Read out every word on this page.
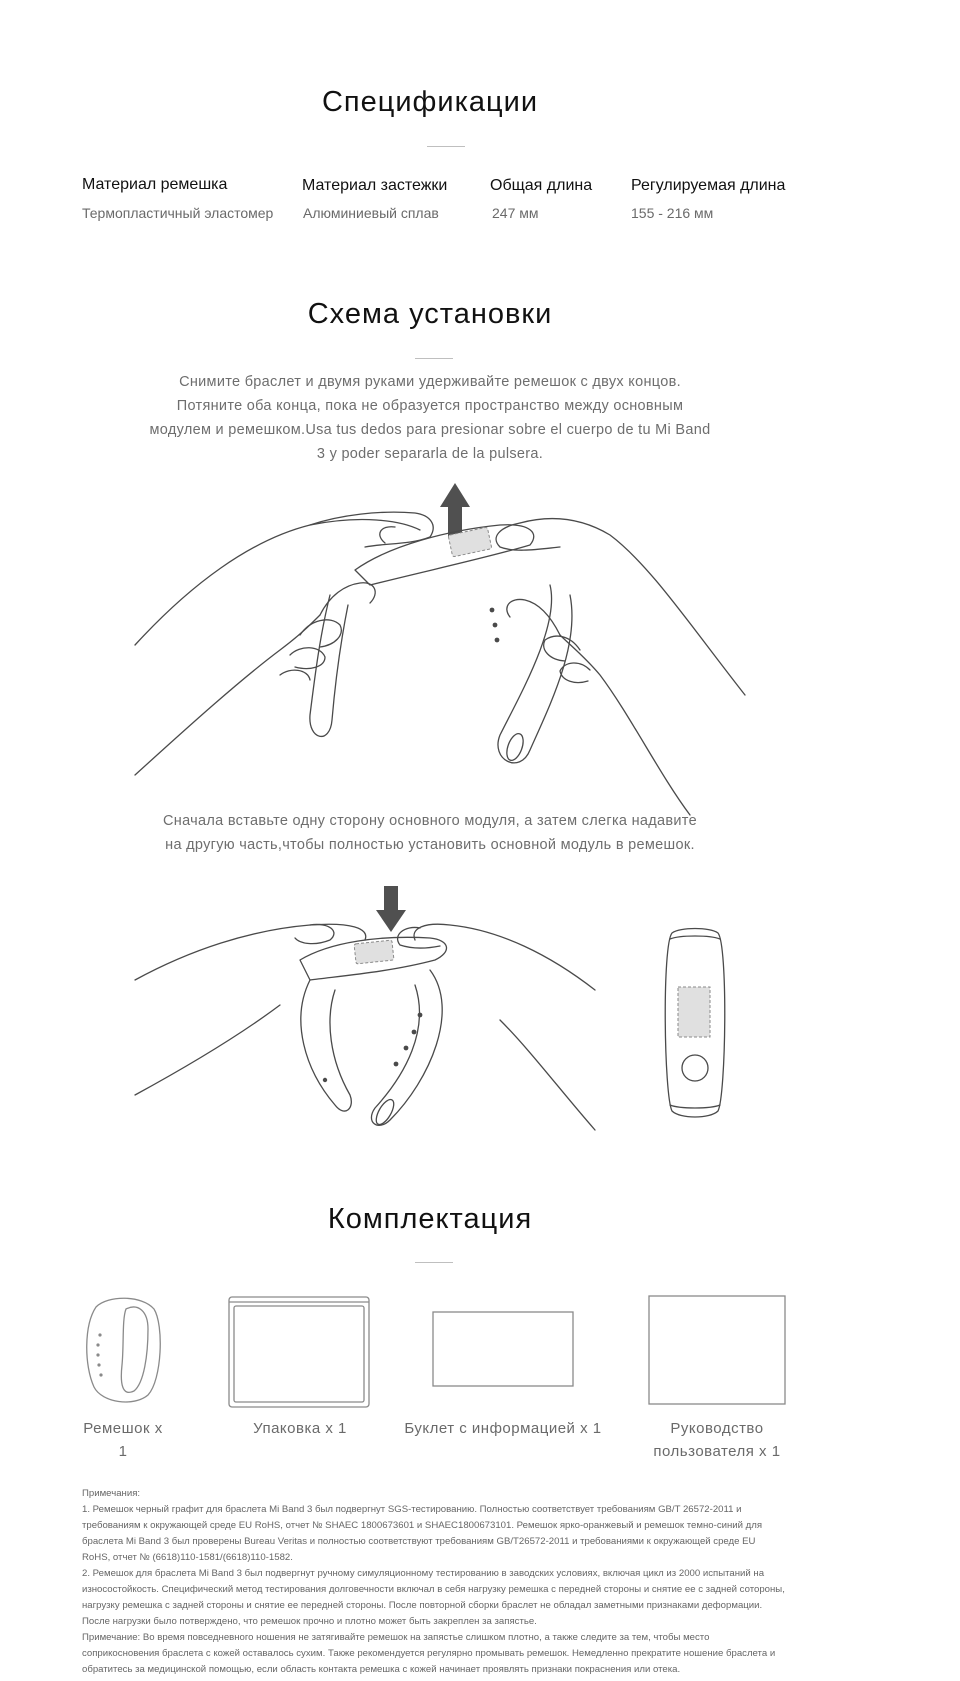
Спецификации
Материал ремешка
Термопластичный эластомер
Материал застежки
Алюминиевый сплав
Общая длина
247 мм
Регулируемая длина
155 - 216 мм
Схема установки
Снимите браслет и двумя руками удерживайте ремешок с двух концов.
Потяните оба конца, пока не образуется пространство между основным
модулем и ремешком.Usa tus dedos para presionar sobre el cuerpo de tu Mi Band
3 y poder separarla de la pulsera.
Сначала вставьте одну сторону основного модуля, а затем слегка надавите
на другую часть,чтобы полностью установить основной модуль в ремешок.
Комплектация
Ремешок x
1
Упаковка x 1	Буклет с информацией x 1	Руководство
пользователя x 1
Примечания:
1. Ремешок черный графит для браслета Mi Band 3 был подвергнут SGS-тестированию. Полностью соответствует требованиям GB/T 26572-2011 и
требованиям к окружающей среде EU RoHS, отчет № SHAEC 1800673601 и SHAEC1800673101. Ремешок ярко-оранжевый и ремешок темно-синий для
браслета Mi Band 3 был проверены Bureau Veritas и полностью соответствуют требованиям GB/T26572-2011 и требованиями к окружающей среде EU
RoHS, отчет № (6618)110-1581/(6618)110-1582.
2. Ремешок для браслета Mi Band 3 был подвергнут ручному симуляционному тестированию в заводских условиях, включая цикл из 2000 испытаний на
износостойкость. Специфический метод тестирования долговечности включал в себя нагрузку ремешка с передней стороны и снятие ее с задней сотороны,
нагрузку ремешка с задней стороны и снятие ее передней стороны. После повторной сборки браслет не обладал заметными признаками деформации.
После нагрузки было потверждено, что ремешок прочно и плотно может быть закреплен за запястье.
Примечание: Во время повседневного ношения не затягивайте ремешок на запястье слишком плотно, а также следите за тем, чтобы место
соприкосновения браслета с кожей оставалось сухим. Также рекомендуется регулярно промывать ремешок. Немедленно прекратите ношение браслета и
обратитесь за медицинской помощью, если область контакта ремешка с кожей начинает проявлять признаки покраснения или отека.
